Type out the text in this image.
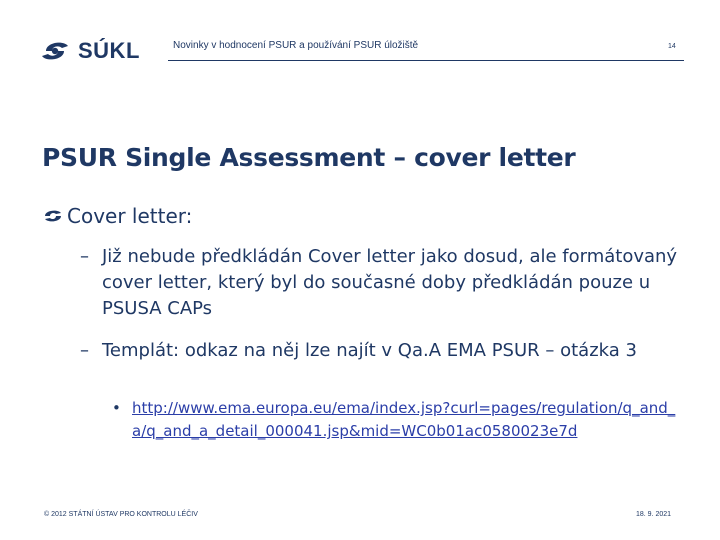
SÚKL	Novinky v hodnocení PSUR a používání PSUR úložiště	14
PSUR Single Assessment – cover letter
Cover letter:
– Již nebude předkládán Cover letter jako dosud, ale formátovaný cover letter, který byl do současné doby předkládán pouze u PSUSA CAPs
– Templát: odkaz na něj lze najít v Qa.A EMA PSUR – otázka 3
• http://www.ema.europa.eu/ema/index.jsp?curl=pages/regulation/q_and_a/q_and_a_detail_000041.jsp&mid=WC0b01ac0580023e7d
© 2012 STÁTNÍ ÚSTAV PRO KONTROLU LÉČIV	18. 9. 2021
